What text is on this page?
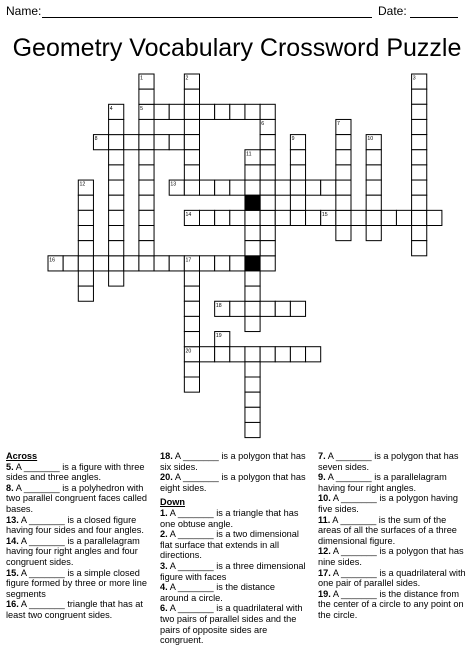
Name:	Date:
Geometry Vocabulary Crossword Puzzle
1	2	3
4	5
6	7
8	9	10
11
12	13
14	15
16	17
18
19
20
Across
5. A _______ is a figure with three sides and three angles.
8. A _______ is a polyhedron with two parallel congruent faces called bases.
13. A _______ is a closed figure having four sides and four angles.
14. A _______ is a parallelagram having four right angles and four congruent sides.
15. A _______ is a simple closed figure formed by three or more line segments
16. A _______ triangle that has at least two congruent sides.
18. A _______ is a polygon that has six sides.
20. A _______ is a polygon that has eight sides.
Down
1. A _______ is a triangle that has one obtuse angle.
2. A _______ is a two dimensional flat surface that extends in all directions.
3. A _______ is a three dimensional figure with faces
4. A _______ is the distance around a circle.
6. A _______ is a quadrilateral with two pairs of parallel sides and the pairs of opposite sides are congruent.
7. A _______ is a polygon that has seven sides.
9. A _______ is a parallelagram having four right angles.
10. A _______ is a polygon having five sides.
11. A _______ is the sum of the areas of all the surfaces of a three dimensional figure.
12. A _______ is a polygon that has nine sides.
17. A _______ is a quadrilateral with one pair of parallel sides.
19. A _______ is the distance from the center of a circle to any point on the circle.
